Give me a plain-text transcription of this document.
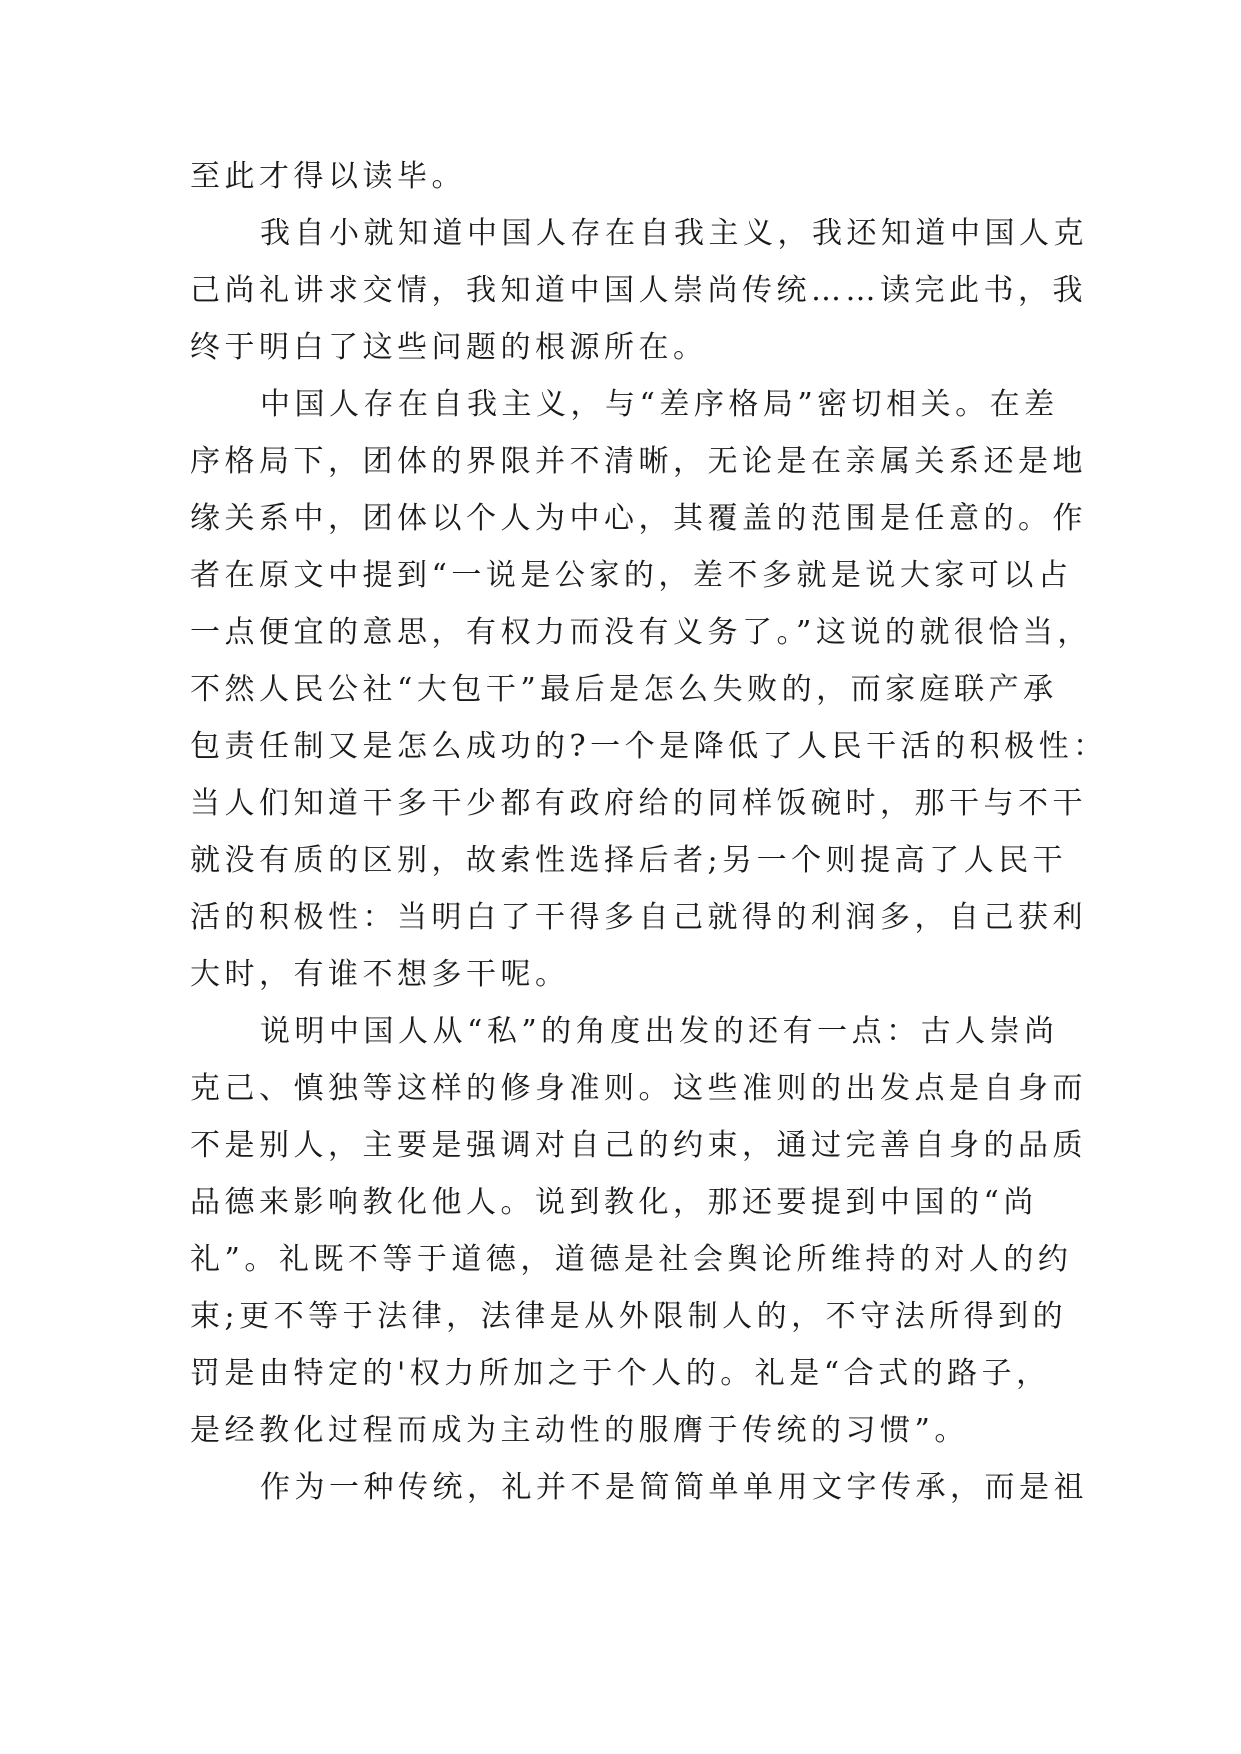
至此才得以读毕。
我自小就知道中国人存在自我主义，我还知道中国人克
己尚礼讲求交情，我知道中国人崇尚传统……读完此书，我
终于明白了这些问题的根源所在。
中国人存在自我主义，与“差序格局”密切相关。在差
序格局下，团体的界限并不清晰，无论是在亲属关系还是地
缘关系中，团体以个人为中心，其覆盖的范围是任意的。作
者在原文中提到“一说是公家的，差不多就是说大家可以占
一点便宜的意思，有权力而没有义务了。”这说的就很恰当，
不然人民公社“大包干”最后是怎么失败的，而家庭联产承
包责任制又是怎么成功的?一个是降低了人民干活的积极性：
当人们知道干多干少都有政府给的同样饭碗时，那干与不干
就没有质的区别，故索性选择后者;另一个则提高了人民干
活的积极性：当明白了干得多自己就得的利润多，自己获利
大时，有谁不想多干呢。
说明中国人从“私”的角度出发的还有一点：古人崇尚
克己、慎独等这样的修身准则。这些准则的出发点是自身而
不是别人，主要是强调对自己的约束，通过完善自身的品质
品德来影响教化他人。说到教化，那还要提到中国的“尚
礼”。礼既不等于道德，道德是社会舆论所维持的对人的约
束;更不等于法律，法律是从外限制人的，不守法所得到的
罚是由特定的'权力所加之于个人的。礼是“合式的路子，
是经教化过程而成为主动性的服膺于传统的习惯”。
作为一种传统，礼并不是简简单单用文字传承，而是祖
